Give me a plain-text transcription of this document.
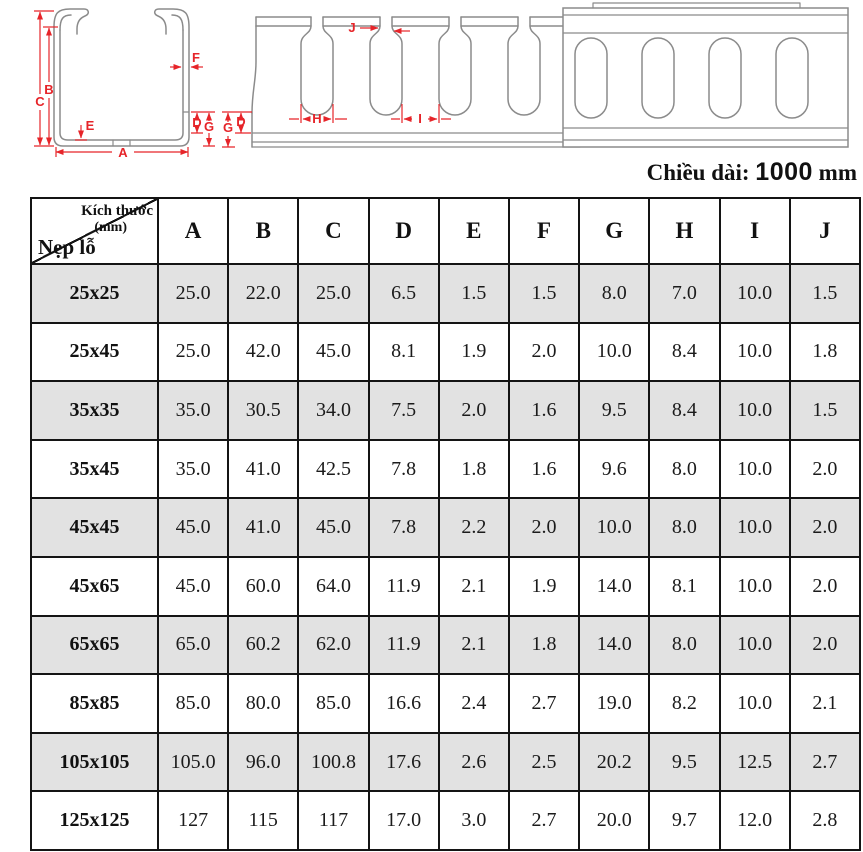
C
B
A
E
F
D G
J
H	I
D
G
Chiều dài: 1000 mm
Kích thước
(mm)
Nẹp lỗ	A	B	C	D	E	F	G	H	I	J
25x25	25.0	22.0	25.0	6.5	1.5	1.5	8.0	7.0	10.0	1.5
25x45	25.0	42.0	45.0	8.1	1.9	2.0	10.0	8.4	10.0	1.8
35x35	35.0	30.5	34.0	7.5	2.0	1.6	9.5	8.4	10.0	1.5
35x45	35.0	41.0	42.5	7.8	1.8	1.6	9.6	8.0	10.0	2.0
45x45	45.0	41.0	45.0	7.8	2.2	2.0	10.0	8.0	10.0	2.0
45x65	45.0	60.0	64.0	11.9	2.1	1.9	14.0	8.1	10.0	2.0
65x65	65.0	60.2	62.0	11.9	2.1	1.8	14.0	8.0	10.0	2.0
85x85	85.0	80.0	85.0	16.6	2.4	2.7	19.0	8.2	10.0	2.1
105x105	105.0	96.0	100.8	17.6	2.6	2.5	20.2	9.5	12.5	2.7
125x125	127	115	117	17.0	3.0	2.7	20.0	9.7	12.0	2.8
